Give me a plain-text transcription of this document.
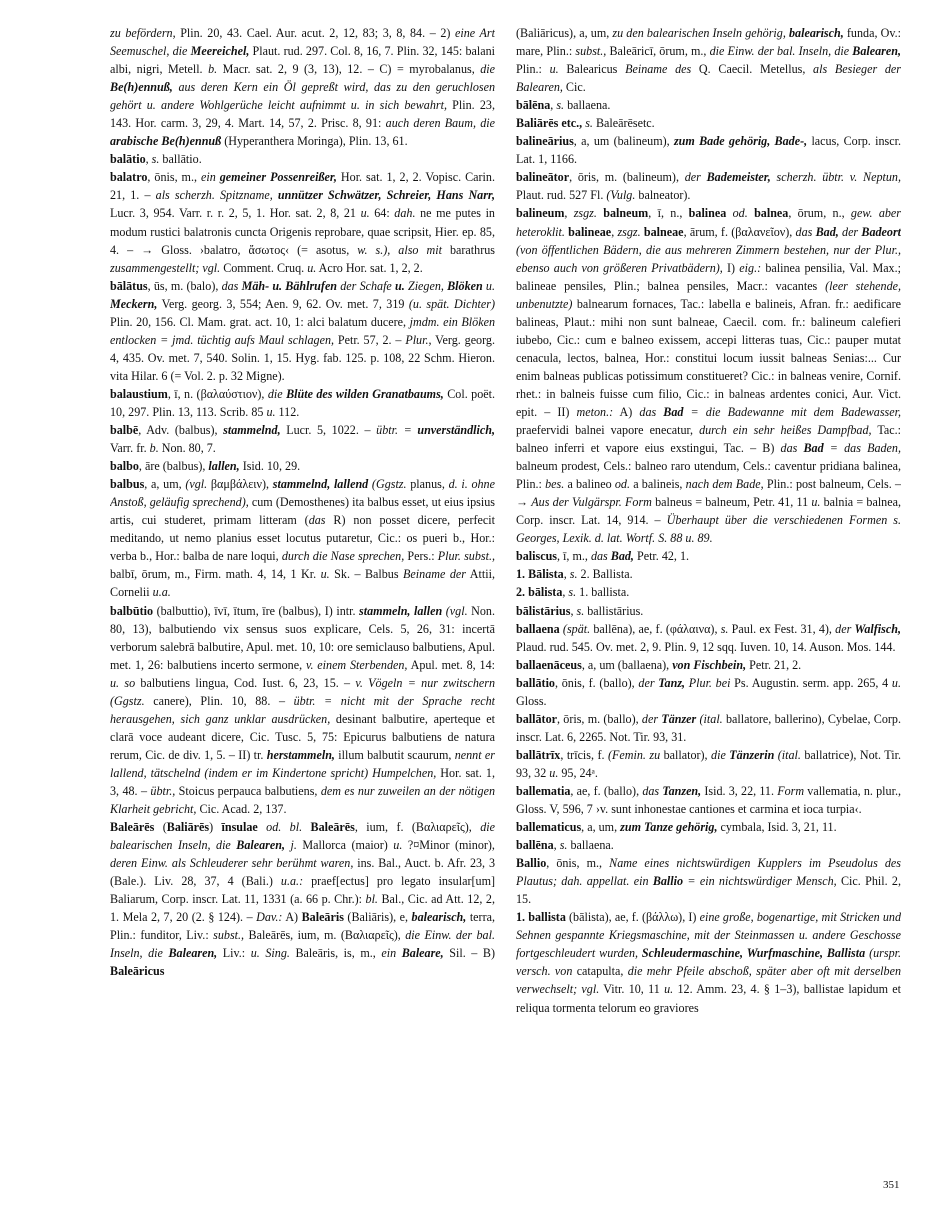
zu befördern, Plin. 20, 43. Cael. Aur. acut. 2, 12, 83; 3, 8, 84. – 2) eine Art Seemuschel, die Meereichel, Plaut. rud. 297. Col. 8, 16, 7. Plin. 32, 145: balani albi, nigri, Metell. b. Macr. sat. 2, 9 (3, 13), 12. – C) = myrobalanus, die Be(h)ennuß, aus deren Kern ein Öl gepreßt wird, das zu den geruchlosen gehört u. andere Wohlgerüche leicht aufnimmt u. in sich bewahrt, Plin. 23, 143. Hor. carm. 3, 29, 4. Mart. 14, 57, 2. Prisc. 8, 91: auch deren Baum, die arabische Be(h)ennuß (Hyperanthera Moringa), Plin. 13, 61.

balātio, s. ballātio.

balatro, ōnis, m., ein gemeiner Possenreißer, Hor. sat. 1, 2, 2. Vopisc. Carin. 21, 1. – als scherzh. Spitzname, unnützer Schwätzer, Schreier, Hans Narr, Lucr. 3, 954. Varr. r. r. 2, 5, 1. Hor. sat. 2, 8, 21 u. 64: dah. ne me putes in modum rustici balatronis cuncta Origenis reprobare, quae scripsit, Hier. ep. 85, 4. – → Gloss. ›balatro, ἄσωτος‹ (= asotus, w. s.), also mit barathrus zusammengestellt; vgl. Comment. Cruq. u. Acro Hor. sat. 1, 2, 2.

bālātus, ūs, m. (balo), das Mäh- u. Bählrufen der Schafe u. Ziegen, Blöken u. Meckern, Verg. georg. 3, 554; Aen. 9, 62. Ov. met. 7, 319 (u. spät. Dichter) Plin. 20, 156. Cl. Mam. grat. act. 10, 1: alci balatum ducere, jmdm. ein Blöken entlocken = jmd. tüchtig aufs Maul schlagen, Petr. 57, 2. – Plur., Verg. georg. 4, 435. Ov. met. 7, 540. Solin. 1, 15. Hyg. fab. 125. p. 108, 22 Schm. Hieron. vita Hilar. 6 (= Vol. 2. p. 32 Migne).

balaustium, ī, n. (βαλαύστιον), die Blüte des wilden Granatbaums, Col. poët. 10, 297. Plin. 13, 113. Scrib. 85 u. 112.

balbē, Adv. (balbus), stammelnd, Lucr. 5, 1022. – übtr. = unverständlich, Varr. fr. b. Non. 80, 7.

balbo, āre (balbus), lallen, Isid. 10, 29.

balbus, a, um, (vgl. βαμβάλειν), stammelnd, lallend (Ggstz. planus, d. i. ohne Anstoß, geläufig sprechend), cum (Demosthenes) ita balbus esset, ut eius ipsius artis, cui studeret, primam litteram (das R) non posset dicere, perfecit meditando, ut nemo planius esset locutus putaretur, Cic.: os pueri b., Hor.: verba b., Hor.: balba de nare loqui, durch die Nase sprechen, Pers.: Plur. subst., balbī, ōrum, m., Firm. math. 4, 14, 1 Kr. u. Sk. – Balbus Beiname der Attii, Cornelii u.a.

balbūtio (balbuttio), īvī, ītum, īre (balbus), I) intr. stammeln, lallen (vgl. Non. 80, 13), balbutiendo vix sensus suos explicare, Cels. 5, 26, 31: incertā verborum salebrā balbutire, Apul. met. 10, 10: ore semiclauso balbutiens, Apul. met. 1, 26: balbutiens incerto sermone, v. einem Sterbenden, Apul. met. 8, 14: u. so balbutiens lingua, Cod. Iust. 6, 23, 15. – v. Vögeln = nur zwitschern (Ggstz. canere), Plin. 10, 88. – übtr. = nicht mit der Sprache recht herausgehen, sich ganz unklar ausdrücken, desinant balbutire, aperteque et clarā voce audeant dicere, Cic. Tusc. 5, 75: Epicurus balbutiens de natura rerum, Cic. de div. 1, 5. – II) tr. herstammeln, illum balbutit scaurum, nennt er lallend, tätschelnd (indem er im Kindertone spricht) Humpelchen, Hor. sat. 1, 3, 48. – übtr., Stoicus perpauca balbutiens, dem es nur zuweilen an der nötigen Klarheit gebricht, Cic. Acad. 2, 137.

Baleārēs (Baliārēs) īnsulae od. bl. Baleārēs, ium, f. (Βαλιαρεῖς), die balearischen Inseln, die Balearen, j. Mallorca (maior) u. ?¤Minor (minor), deren Einw. als Schleuderer sehr berühmt waren, ins. Bal., Auct. b. Afr. 23, 3 (Bale.). Liv. 28, 37, 4 (Bali.) u.a.: praef[ectus] pro legato insular[um] Baliarum, Corp. inscr. Lat. 11, 1331 (a. 66 p. Chr.): bl. Bal., Cic. ad Att. 12, 2, 1. Mela 2, 7, 20 (2. § 124). – Dav.: A) Baleāris (Baliāris), e, balearisch, terra, Plin.: funditor, Liv.: subst., Baleārēs, ium, m. (Βαλιαρεῖς), die Einw. der bal. Inseln, die Balearen, Liv.: u. Sing. Baleāris, is, m., ein Baleare, Sil. – B) Baleāricus

(Baliāricus), a, um, zu den balearischen Inseln gehörig, balearisch, funda, Ov.: mare, Plin.: subst., Baleāricī, ōrum, m., die Einw. der bal. Inseln, die Balearen, Plin.: u. Balearicus Beiname des Q. Caecil. Metellus, als Besieger der Balearen, Cic.

bālēna, s. ballaena.

Baliārēs etc., s. Baleārēsetc.

balineārius, a, um (balineum), zum Bade gehörig, Bade-, lacus, Corp. inscr. Lat. 1, 1166.

balineātor, ōris, m. (balineum), der Bademeister, scherzh. übtr. v. Neptun, Plaut. rud. 527 Fl. (Vulg. balneator).

balineum, zsgz. balneum, ī, n., balinea od. balnea, ōrum, n., gew. aber heteroklit. balineae, zsgz. balneae, ārum, f. (βαλανεῖον), das Bad, der Badeort (von öffentlichen Bädern, die aus mehreren Zimmern bestehen, nur der Plur., ebenso auch von größeren Privatbädern), I) eig.: balinea pensilia, Val. Max.; balineae pensiles, Plin.; balnea pensiles, Macr.: vacantes (leer stehende, unbenutzte) balnearum fornaces, Tac.: labella e balineis, Afran. fr.: aedificare balineas, Plaut.: mihi non sunt balneae, Caecil. com. fr.: balineum calefieri iubebo, Cic.: cum e balneo exissem, accepi litteras tuas, Cic.: pauper mutat cenacula, lectos, balnea, Hor.: constitui locum iussit balneas Senias:... Cur enim balneas publicas potissimum constitueret? Cic.: in balneas venire, Cornif. rhet.: in balneis fuisse cum filio, Cic.: in balneas ardentes conici, Aur. Vict. epit. – II) meton.: A) das Bad = die Badewanne mit dem Badewasser, praefervidi balnei vapore enecatur, durch ein sehr heißes Dampfbad, Tac.: balneo inferri et vapore eius exstingui, Tac. – B) das Bad = das Baden, balneum prodest, Cels.: balneo raro utendum, Cels.: caventur pridiana balinea, Plin.: bes. a balineo od. a balineis, nach dem Bade, Plin.: post balneum, Cels. – → Aus der Vulgärspr. Form balneus = balneum, Petr. 41, 11 u. balnia = balnea, Corp. inscr. Lat. 14, 914. – Überhaupt über die verschiedenen Formen s. Georges, Lexik. d. lat. Wortf. S. 88 u. 89.

baliscus, ī, m., das Bad, Petr. 42, 1.

1. Bālista, s. 2. Ballista.

2. bālista, s. 1. ballista.

bālistārius, s. ballistārius.

ballaena (spät. ballēna), ae, f. (φάλαινα), s. Paul. ex Fest. 31, 4), der Walfisch, Plaud. rud. 545. Ov. met. 2, 9. Plin. 9, 12 sqq. Iuven. 10, 14. Auson. Mos. 144.

ballaenāceus, a, um (ballaena), von Fischbein, Petr. 21, 2.

ballātio, ōnis, f. (ballo), der Tanz, Plur. bei Ps. Augustin. serm. app. 265, 4 u. Gloss.

ballātor, ōris, m. (ballo), der Tänzer (ital. ballatore, ballerino), Cybelae, Corp. inscr. Lat. 6, 2265. Not. Tir. 93, 31.

ballātrīx, trīcis, f. (Femin. zu ballator), die Tänzerin (ital. ballatrice), Not. Tir. 93, 32 u. 95, 24ᵃ.

ballematia, ae, f. (ballo), das Tanzen, Isid. 3, 22, 11. Form vallematia, n. plur., Gloss. V, 596, 7 ›v. sunt inhonestae cantiones et carmina et ioca turpia‹.

ballematicus, a, um, zum Tanze gehörig, cymbala, Isid. 3, 21, 11.

ballēna, s. ballaena.

Ballio, ōnis, m., Name eines nichtswürdigen Kupplers im Pseudolus des Plautus; dah. appellat. ein Ballio = ein nichtswürdiger Mensch, Cic. Phil. 2, 15.

1. ballista (bālista), ae, f. (βάλλω), I) eine große, bogenartige, mit Stricken und Sehnen gespannte Kriegsmaschine, mit der Steinmassen u. andere Geschosse fortgeschleudert wurden, Schleudermaschine, Wurfmaschine, Ballista (urspr. versch. von catapulta, die mehr Pfeile abschoß, später aber oft mit derselben verwechselt; vgl. Vitr. 10, 11 u. 12. Amm. 23, 4. § 1–3), ballistae lapidum et reliqua tormenta telorum eo graviores

351
